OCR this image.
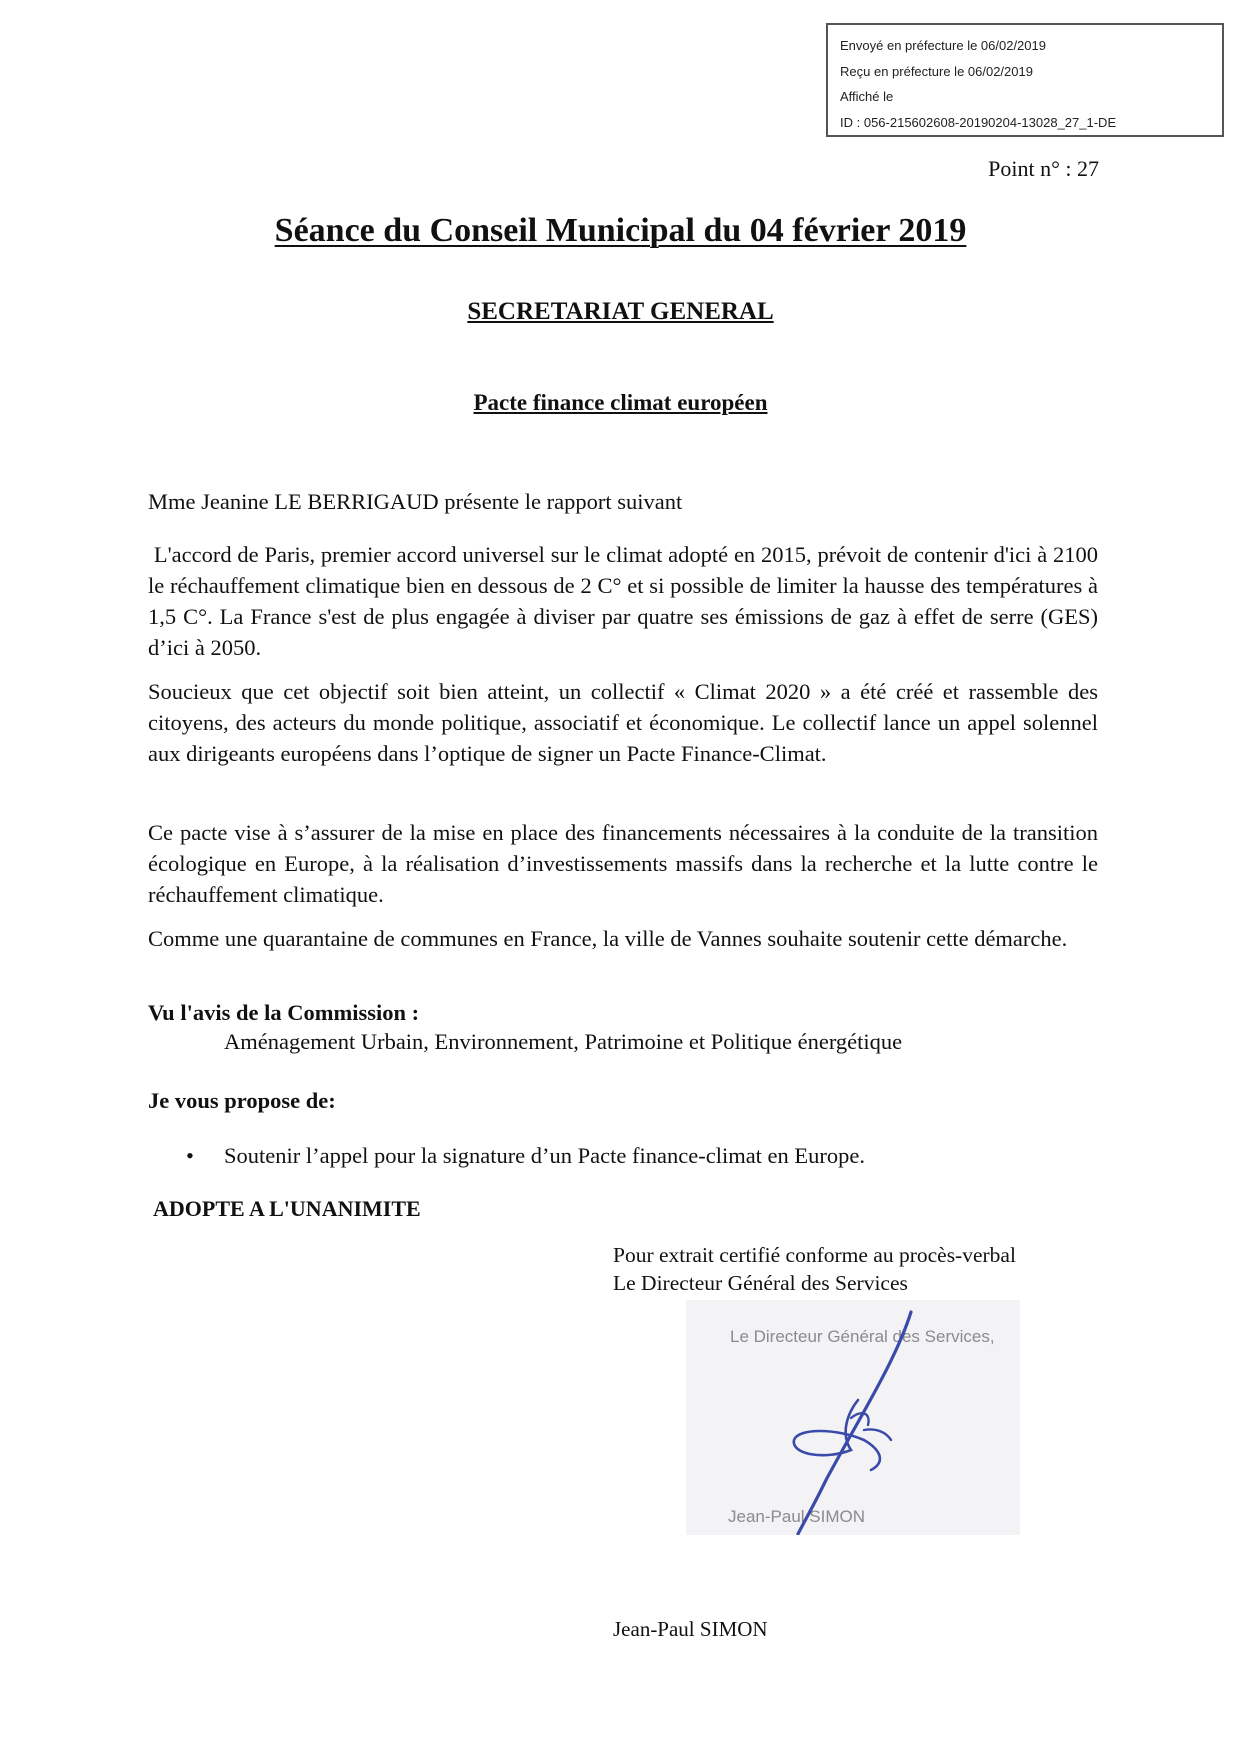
Envoyé en préfecture le 06/02/2019
Reçu en préfecture le 06/02/2019
Affiché le
ID : 056-215602608-20190204-13028_27_1-DE
Point n° : 27
Séance du Conseil Municipal du 04 février 2019
SECRETARIAT GENERAL
Pacte finance climat européen
Mme Jeanine LE BERRIGAUD présente le rapport suivant
L'accord de Paris, premier accord universel sur le climat adopté en 2015, prévoit de contenir d'ici à 2100 le réchauffement climatique bien en dessous de 2 C° et si possible de limiter la hausse des températures à 1,5 C°. La France s'est de plus engagée à diviser par quatre ses émissions de gaz à effet de serre (GES) d’ici à 2050.
Soucieux que cet objectif soit bien atteint, un collectif « Climat 2020 » a été créé et rassemble des citoyens, des acteurs du monde politique, associatif et économique. Le collectif lance un appel solennel aux dirigeants européens dans l’optique de signer un Pacte Finance-Climat.
Ce pacte vise à s’assurer de la mise en place des financements nécessaires à la conduite de la transition écologique en Europe, à la réalisation d’investissements massifs dans la recherche et la lutte contre le réchauffement climatique.
Comme une quarantaine de communes en France, la ville de Vannes souhaite soutenir cette démarche.
Vu l'avis de la Commission :
Aménagement Urbain, Environnement, Patrimoine et Politique énergétique
Je vous propose de:
• Soutenir l’appel pour la signature d’un Pacte finance-climat en Europe.
ADOPTE A L'UNANIMITE
Pour extrait certifié conforme au procès-verbal
Le Directeur Général des Services
Le Directeur Général des Services,
Jean-Paul SIMON
Jean-Paul SIMON
